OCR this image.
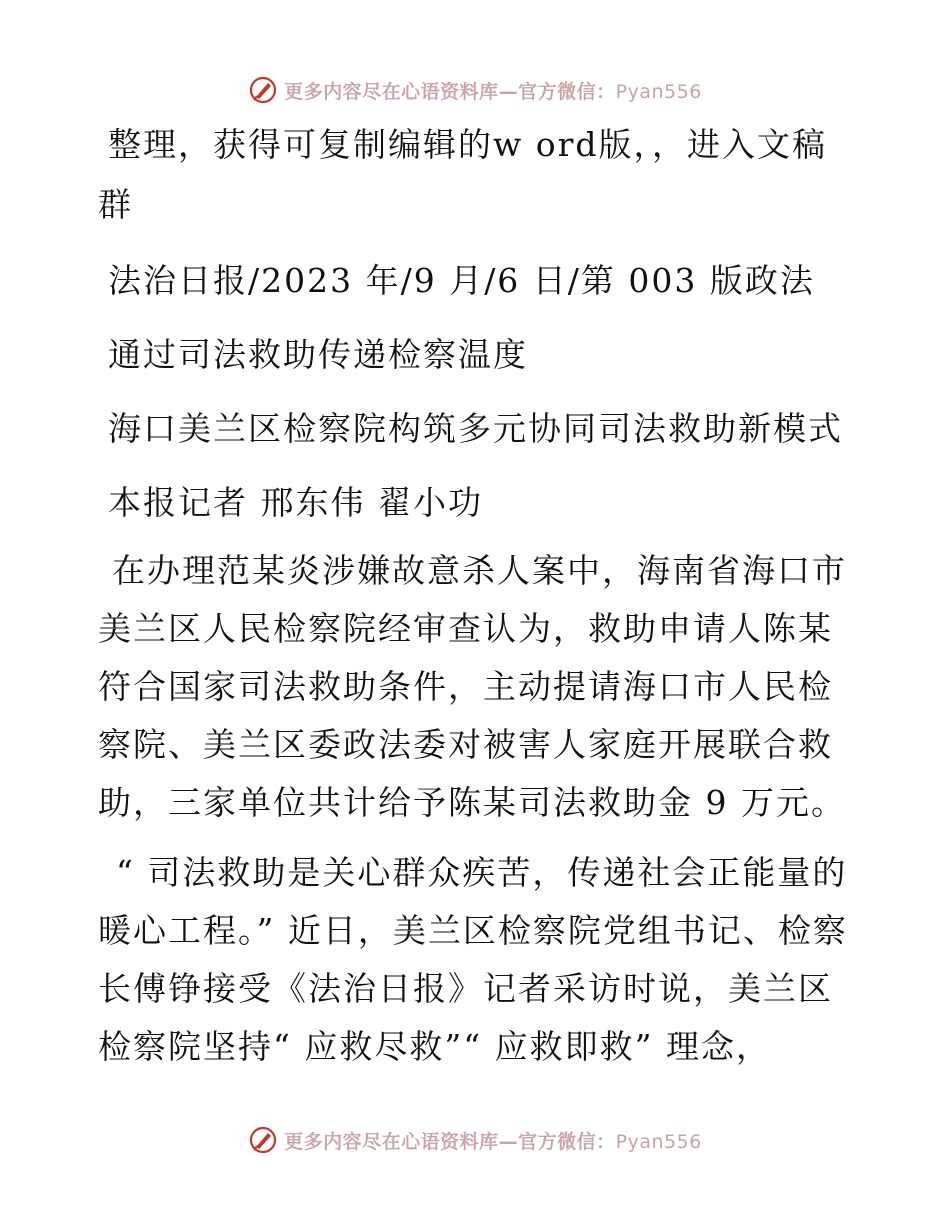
更多内容尽在心语资料库—官方微信：Pyan556

整理，获得可复制编辑的w ord版，，进入文稿

群

法治日报/2023 年/9 月/6 日/第 003 版政法

通过司法救助传递检察温度

海口美兰区检察院构筑多元协同司法救助新模式

本报记者 邢东伟 翟小功

在办理范某炎涉嫌故意杀人案中，海南省海口市美兰区人民检察院经审查认为，救助申请人陈某符合国家司法救助条件，主动提请海口市人民检察院、美兰区委政法委对被害人家庭开展联合救助，三家单位共计给予陈某司法救助金 9 万元。

“ 司法救助是关心群众疾苦，传递社会正能量的暖心工程。” 近日，美兰区检察院党组书记、检察长傅铮接受《法治日报》记者采访时说，美兰区检察院坚持“ 应救尽救”“ 应救即救” 理念，

更多内容尽在心语资料库—官方微信：Pyan556
